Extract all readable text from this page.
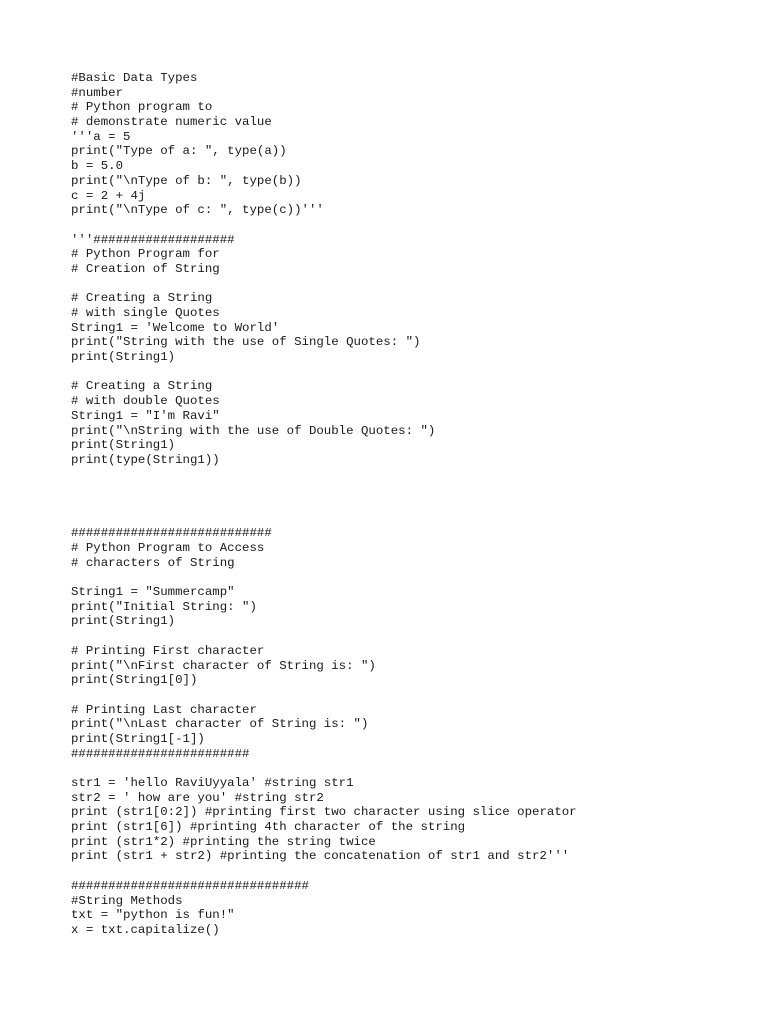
#Basic Data Types
#number
# Python program to
# demonstrate numeric value
'''a = 5
print("Type of a: ", type(a))
b = 5.0
print("\nType of b: ", type(b))
c = 2 + 4j
print("\nType of c: ", type(c))'''
'''###################
# Python Program for
# Creation of String
# Creating a String
# with single Quotes
String1 = 'Welcome to World'
print("String with the use of Single Quotes: ")
print(String1)
# Creating a String
# with double Quotes
String1 = "I'm Ravi"
print("\nString with the use of Double Quotes: ")
print(String1)
print(type(String1))
###########################
# Python Program to Access
# characters of String
String1 = "Summercamp"
print("Initial String: ")
print(String1)
# Printing First character
print("\nFirst character of String is: ")
print(String1[0])
# Printing Last character
print("\nLast character of String is: ")
print(String1[-1])
########################
str1 = 'hello RaviUyyala' #string str1
str2 = ' how are you' #string str2
print (str1[0:2]) #printing first two character using slice operator
print (str1[6]) #printing 4th character of the string
print (str1*2) #printing the string twice
print (str1 + str2) #printing the concatenation of str1 and str2'''
################################
#String Methods
txt = "python is fun!"
x = txt.capitalize()
